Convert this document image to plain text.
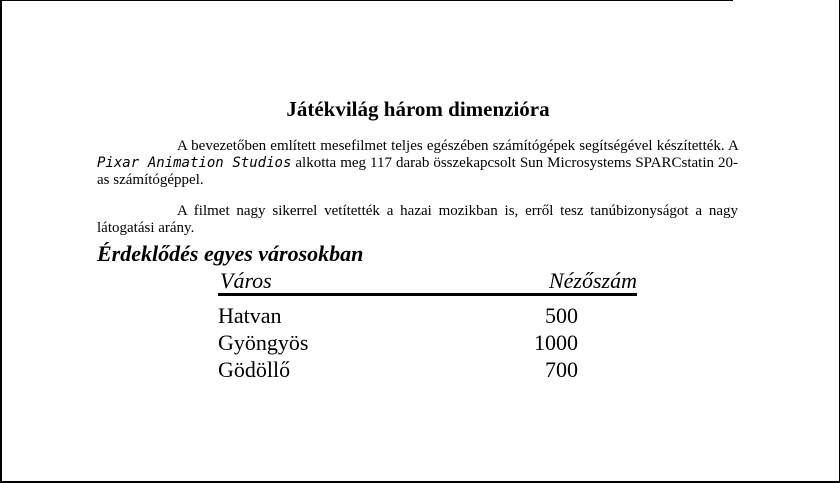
Játékvilág három dimenzióra
A bevezetőben említett mesefilmet teljes egészében számítógépek segítségével készítették. A Pixar Animation Studios alkotta meg 117 darab összekapcsolt Sun Microsystems SPARCstatin 20-as számítógéppel.
A filmet nagy sikerrel vetítették a hazai mozikban is, erről tesz tanúbizonyságot a nagy látogatási arány.
Érdeklődés egyes városokban
Város	Nézőszám
Hatvan	500
Gyöngyös	1000
Gödöllő	700
